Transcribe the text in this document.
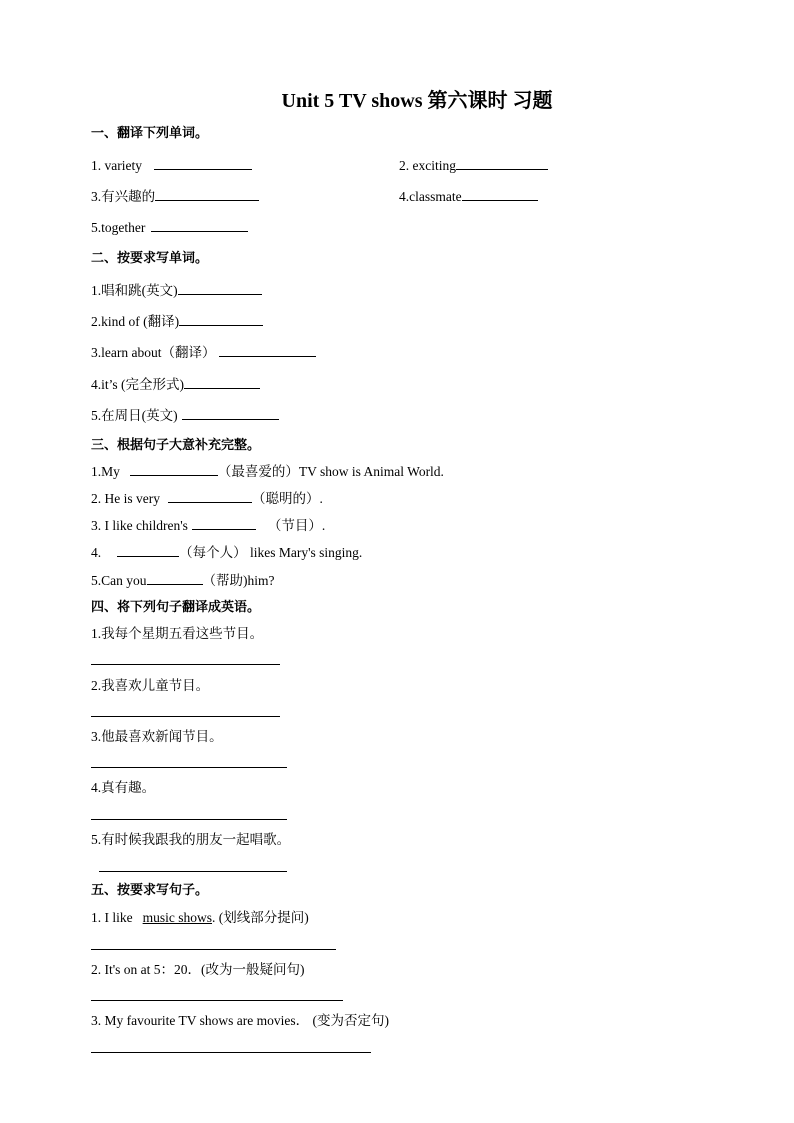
Unit 5 TV shows 第六课时 习题
一、翻译下列单词。
1. variety	2. exciting
3.有兴趣的	4.classmate
5.together
二、按要求写单词。
1.唱和跳(英文)
2.kind of (翻译)
3.learn about（翻译）
4.it’s (完全形式)
5.在周日(英文)
三、根据句子大意补充完整。
1.My	（最喜爱的）TV show is Animal World.
2. He is very	（聪明的）.
3. I like children's	（节目）.
4.	（每个人） likes Mary's singing.
5.Can you	（帮助)him?
四、将下列句子翻译成英语。
1.我每个星期五看这些节目。
2.我喜欢儿童节目。
3.他最喜欢新闻节目。
4.真有趣。
5.有时候我跟我的朋友一起唱歌。
五、按要求写句子。
1. I like music shows. (划线部分提问)
2. It's on at 5：20．(改为一般疑问句)
3. My favourite TV shows are movies． (变为否定句)
